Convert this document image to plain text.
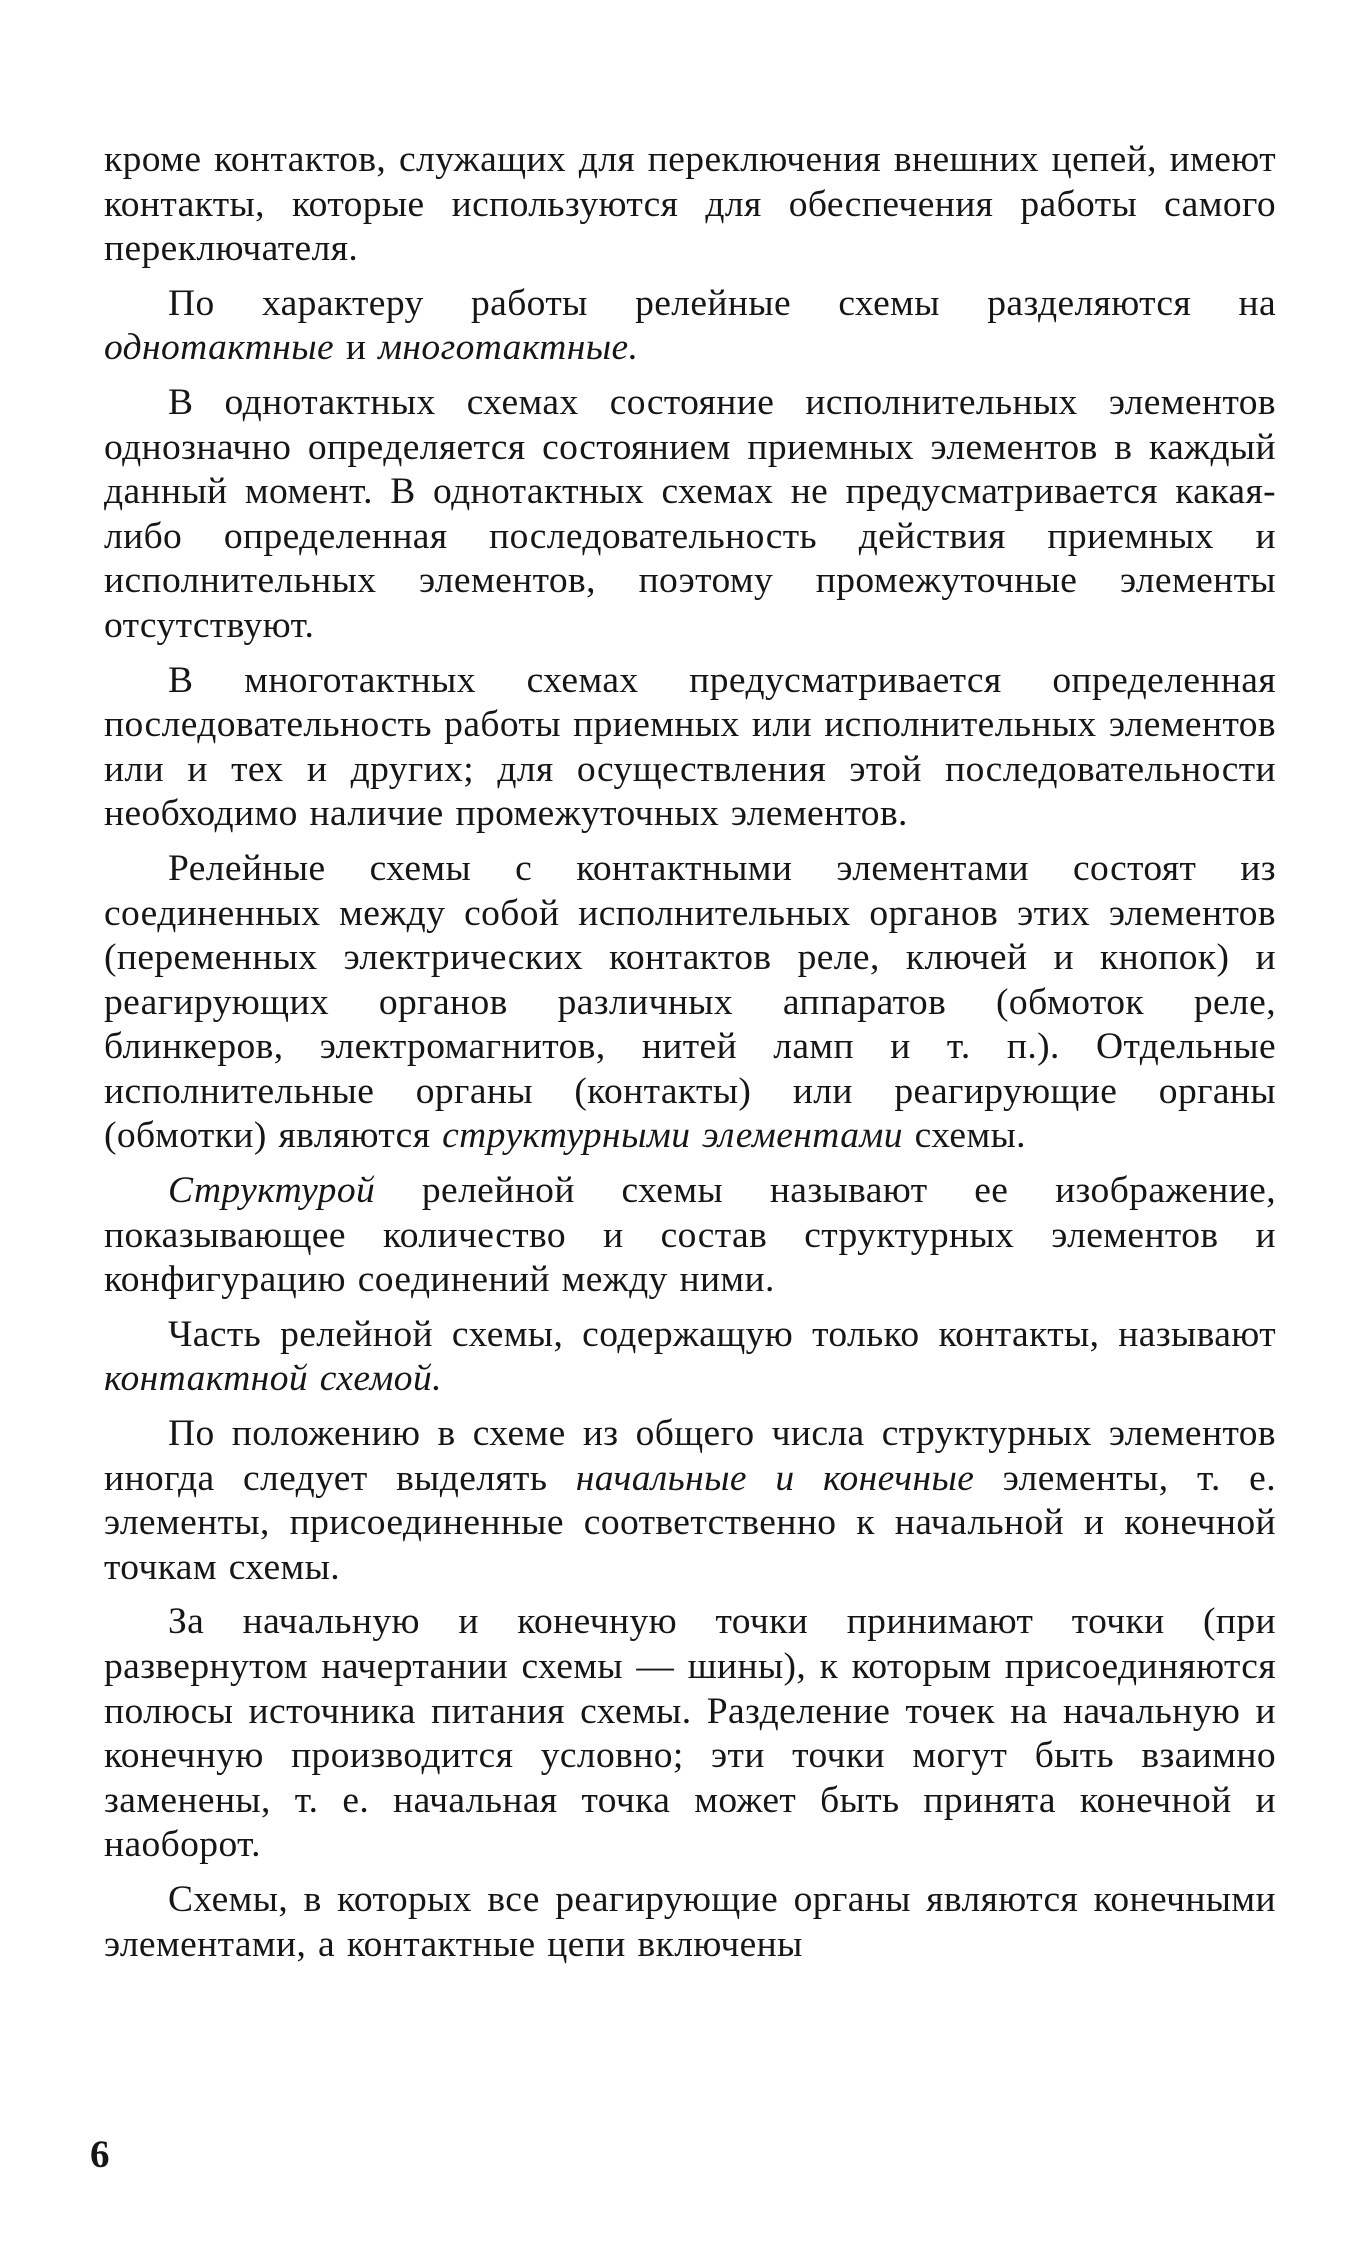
кроме контактов, служащих для переключения внешних цепей, имеют контакты, которые используются для обеспечения работы самого переключателя.

По характеру работы релейные схемы разделяются на однотактные и многотактные.

В однотактных схемах состояние исполнительных элементов однозначно определяется состоянием приемных элементов в каждый данный момент. В однотактных схемах не предусматривается какая-либо определенная последовательность действия приемных и исполнительных элементов, поэтому промежуточные элементы отсутствуют.

В многотактных схемах предусматривается определенная последовательность работы приемных или исполнительных элементов или и тех и других; для осуществления этой последовательности необходимо наличие промежуточных элементов.

Релейные схемы с контактными элементами состоят из соединенных между собой исполнительных органов этих элементов (переменных электрических контактов реле, ключей и кнопок) и реагирующих органов различных аппаратов (обмоток реле, блинкеров, электромагнитов, нитей ламп и т. п.). Отдельные исполнительные органы (контакты) или реагирующие органы (обмотки) являются структурными элементами схемы.

Структурой релейной схемы называют ее изображение, показывающее количество и состав структурных элементов и конфигурацию соединений между ними.

Часть релейной схемы, содержащую только контакты, называют контактной схемой.

По положению в схеме из общего числа структурных элементов иногда следует выделять начальные и конечные элементы, т. е. элементы, присоединенные соответственно к начальной и конечной точкам схемы.

За начальную и конечную точки принимают точки (при развернутом начертании схемы — шины), к которым присоединяются полюсы источника питания схемы. Разделение точек на начальную и конечную производится условно; эти точки могут быть взаимно заменены, т. е. начальная точка может быть принята конечной и наоборот.

Схемы, в которых все реагирующие органы являются конечными элементами, а контактные цепи включены

6
